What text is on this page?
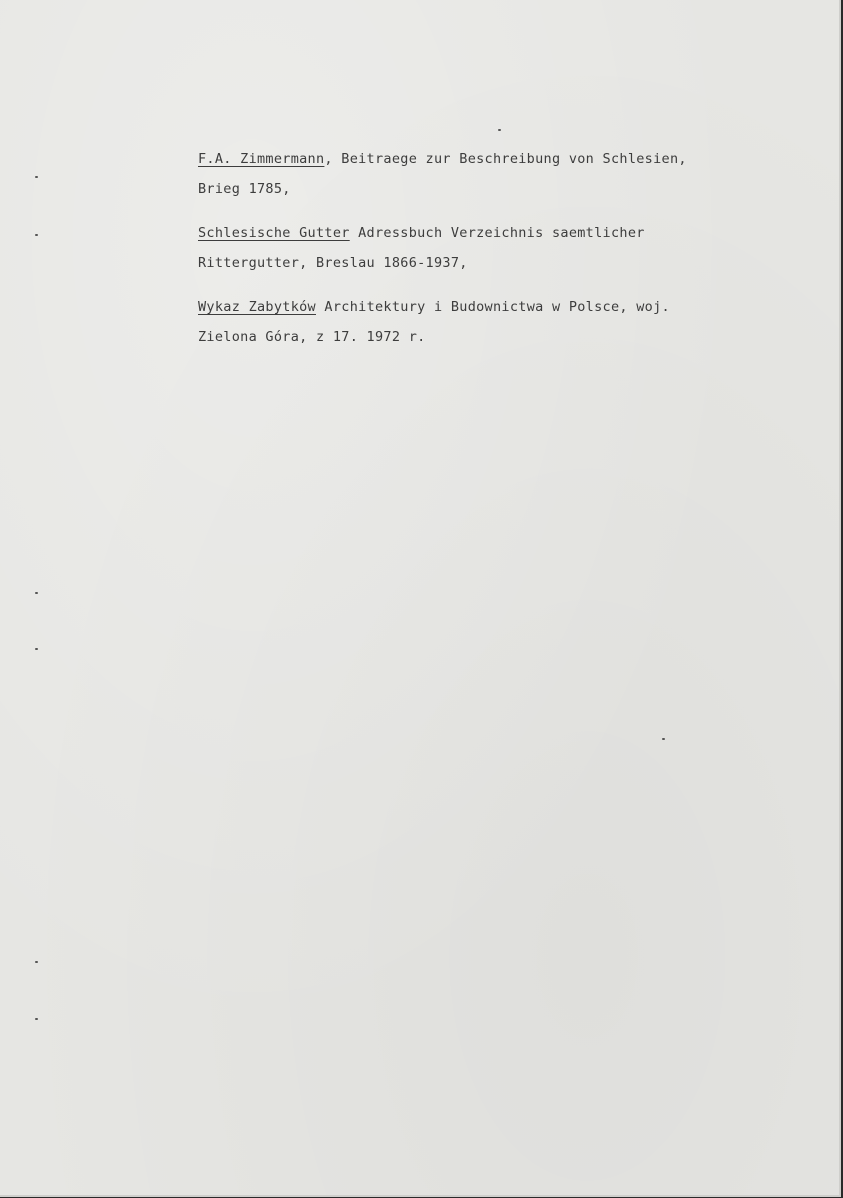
F.A. Zimmermann, Beitraege zur Beschreibung von Schlesien,
Brieg 1785,
Schlesische Gutter Adressbuch Verzeichnis saemtlicher
Rittergutter, Breslau 1866-1937,
Wykaz Zabytków Architektury i Budownictwa w Polsce, woj.
Zielona Góra, z 17. 1972 r.
